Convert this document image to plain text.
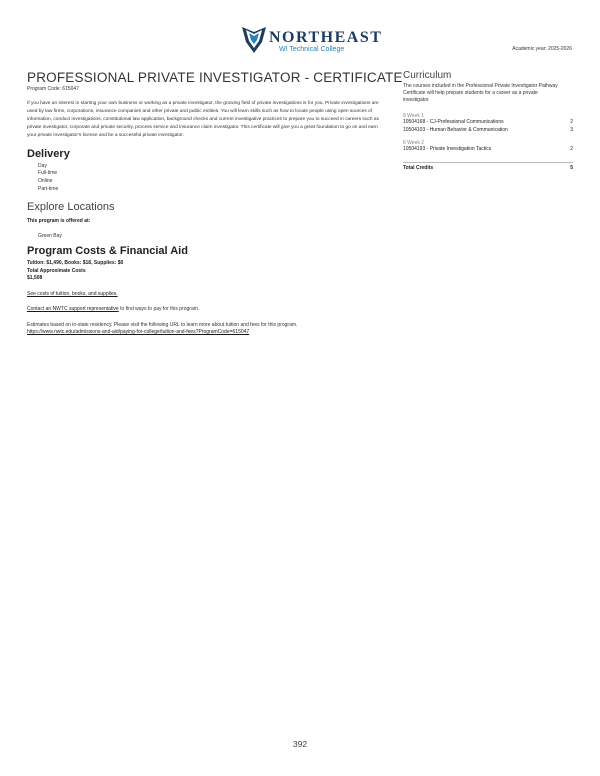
NORTHEAST
WI Technical College	Academic year: 2025-2026
PROFESSIONAL PRIVATE INVESTIGATOR - CERTIFICATE
Program Code: 615047
If you have an interest in starting your own business or working as a private investigator, the growing field of private investigations is for you. Private investigations are used by law firms, corporations, insurance companies and other private and public entities. You will learn skills such as how to locate people using open sources of information, conduct investigations, constitutional law application, background checks and current investigative practices to prepare you to succeed in careers such as private investigator, corporate and private security, process service and insurance claim investigator. This certificate will give you a great foundation to go on and earn your private investigator's license and be a successful private investigator.
Delivery
Day
Full-time
Online
Part-time
Explore Locations
This program is offered at:
Green Bay
Program Costs & Financial Aid
Tuition: $1,490, Books: $18, Supplies: $0
Total Approximate Costs
$1,508
See costs of tuition, books, and supplies.
Contact an NWTC support representative to find ways to pay for this program.
Estimates based on in-state residency. Please visit the following URL to learn more about tuition and fees for this program.
https://www.nwtc.edu/admissions-and-aid/paying-for-college/tuition-and-fees?ProgramCode=615047
Curriculum
The courses included in the Professional Private Investigator Pathway Certificate will help prepare students for a career as a private investigator.
8 Week 1
10504168 - CJ-Professional Communications	2
10504103 - Human Behavior & Communication	3
8 Week 2
10504193 - Private Investigation Tactics	2
Total Credits	5
392
